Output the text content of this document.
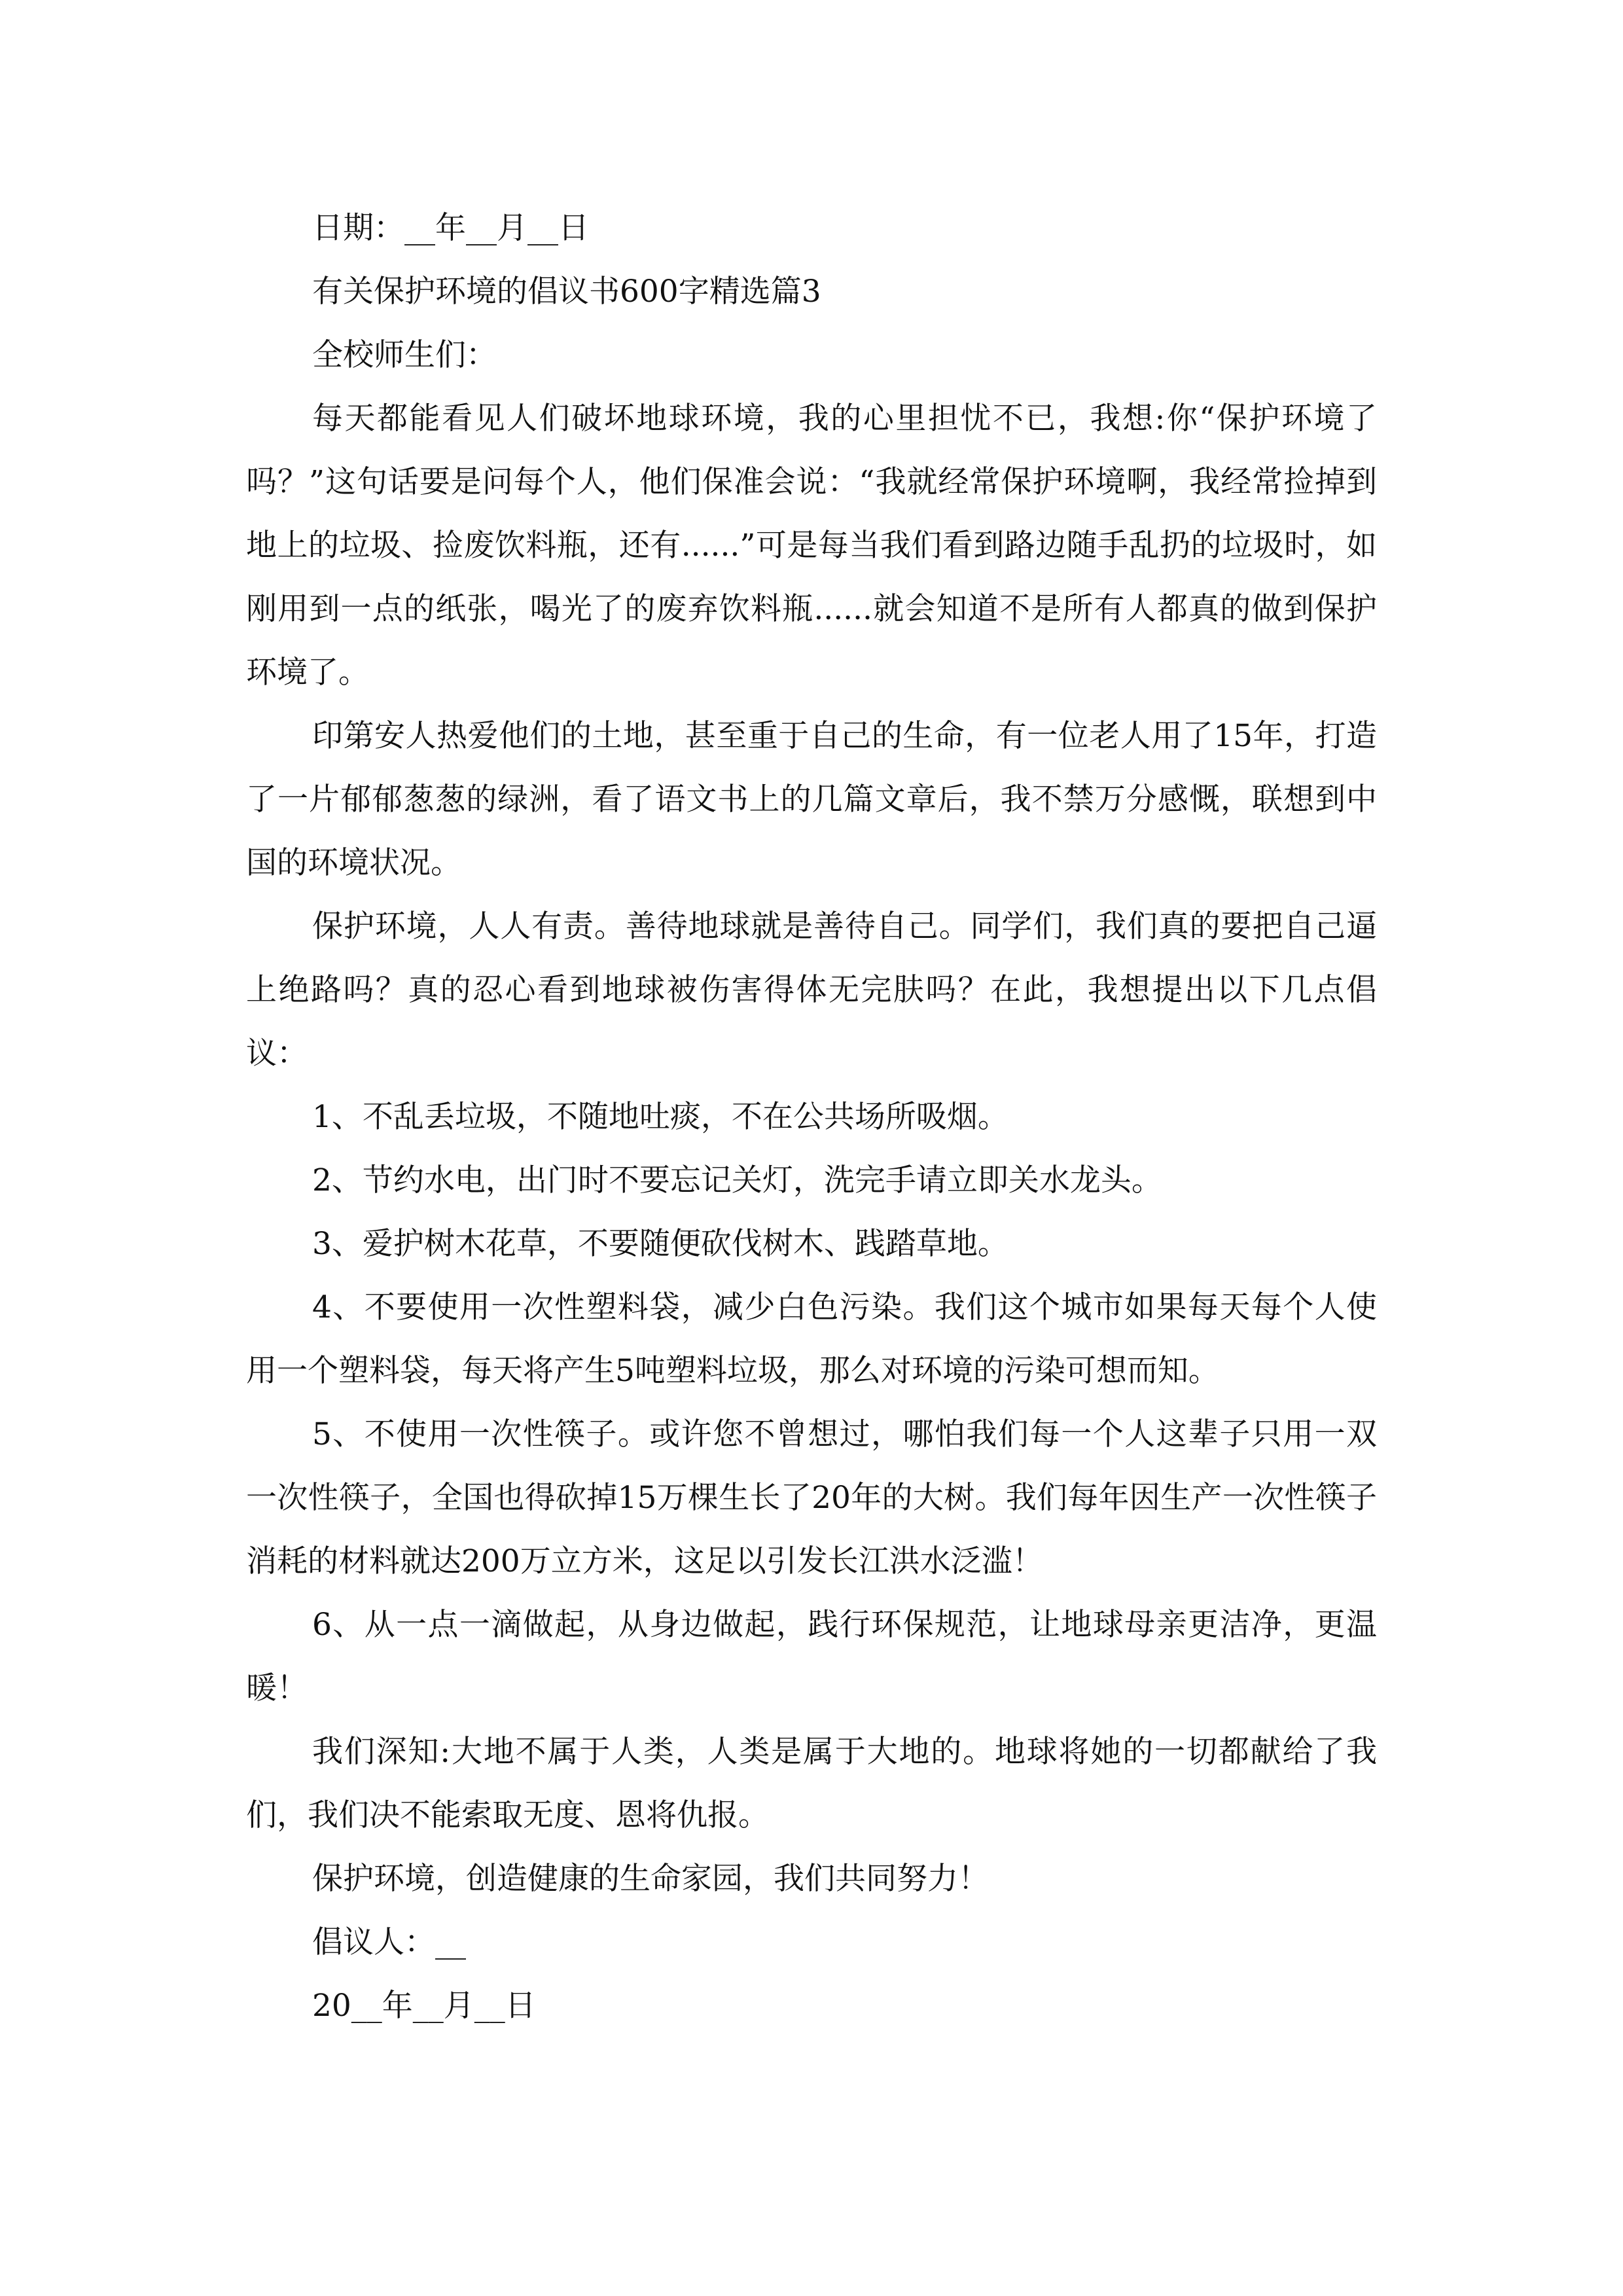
日期：__年__月__日

有关保护环境的倡议书600字精选篇3

全校师生们：

每天都能看见人们破坏地球环境，我的心里担忧不已，我想:你“保护环境了吗？”这句话要是问每个人，他们保准会说：“我就经常保护环境啊，我经常捡掉到地上的垃圾、捡废饮料瓶，还有......”可是每当我们看到路边随手乱扔的垃圾时，如刚用到一点的纸张，喝光了的废弃饮料瓶......就会知道不是所有人都真的做到保护环境了。

印第安人热爱他们的土地，甚至重于自己的生命，有一位老人用了15年，打造了一片郁郁葱葱的绿洲，看了语文书上的几篇文章后，我不禁万分感慨，联想到中国的环境状况。

保护环境，人人有责。善待地球就是善待自己。同学们，我们真的要把自己逼上绝路吗？真的忍心看到地球被伤害得体无完肤吗？在此，我想提出以下几点倡议：

1、不乱丢垃圾，不随地吐痰，不在公共场所吸烟。

2、节约水电，出门时不要忘记关灯，洗完手请立即关水龙头。

3、爱护树木花草，不要随便砍伐树木、践踏草地。

4、不要使用一次性塑料袋，减少白色污染。我们这个城市如果每天每个人使用一个塑料袋，每天将产生5吨塑料垃圾，那么对环境的污染可想而知。

5、不使用一次性筷子。或许您不曾想过，哪怕我们每一个人这辈子只用一双一次性筷子，全国也得砍掉15万棵生长了20年的大树。我们每年因生产一次性筷子消耗的材料就达200万立方米，这足以引发长江洪水泛滥！

6、从一点一滴做起，从身边做起，践行环保规范，让地球母亲更洁净，更温暖！

我们深知:大地不属于人类，人类是属于大地的。地球将她的一切都献给了我们，我们决不能索取无度、恩将仇报。

保护环境，创造健康的生命家园，我们共同努力！

倡议人：__

20__年__月__日
